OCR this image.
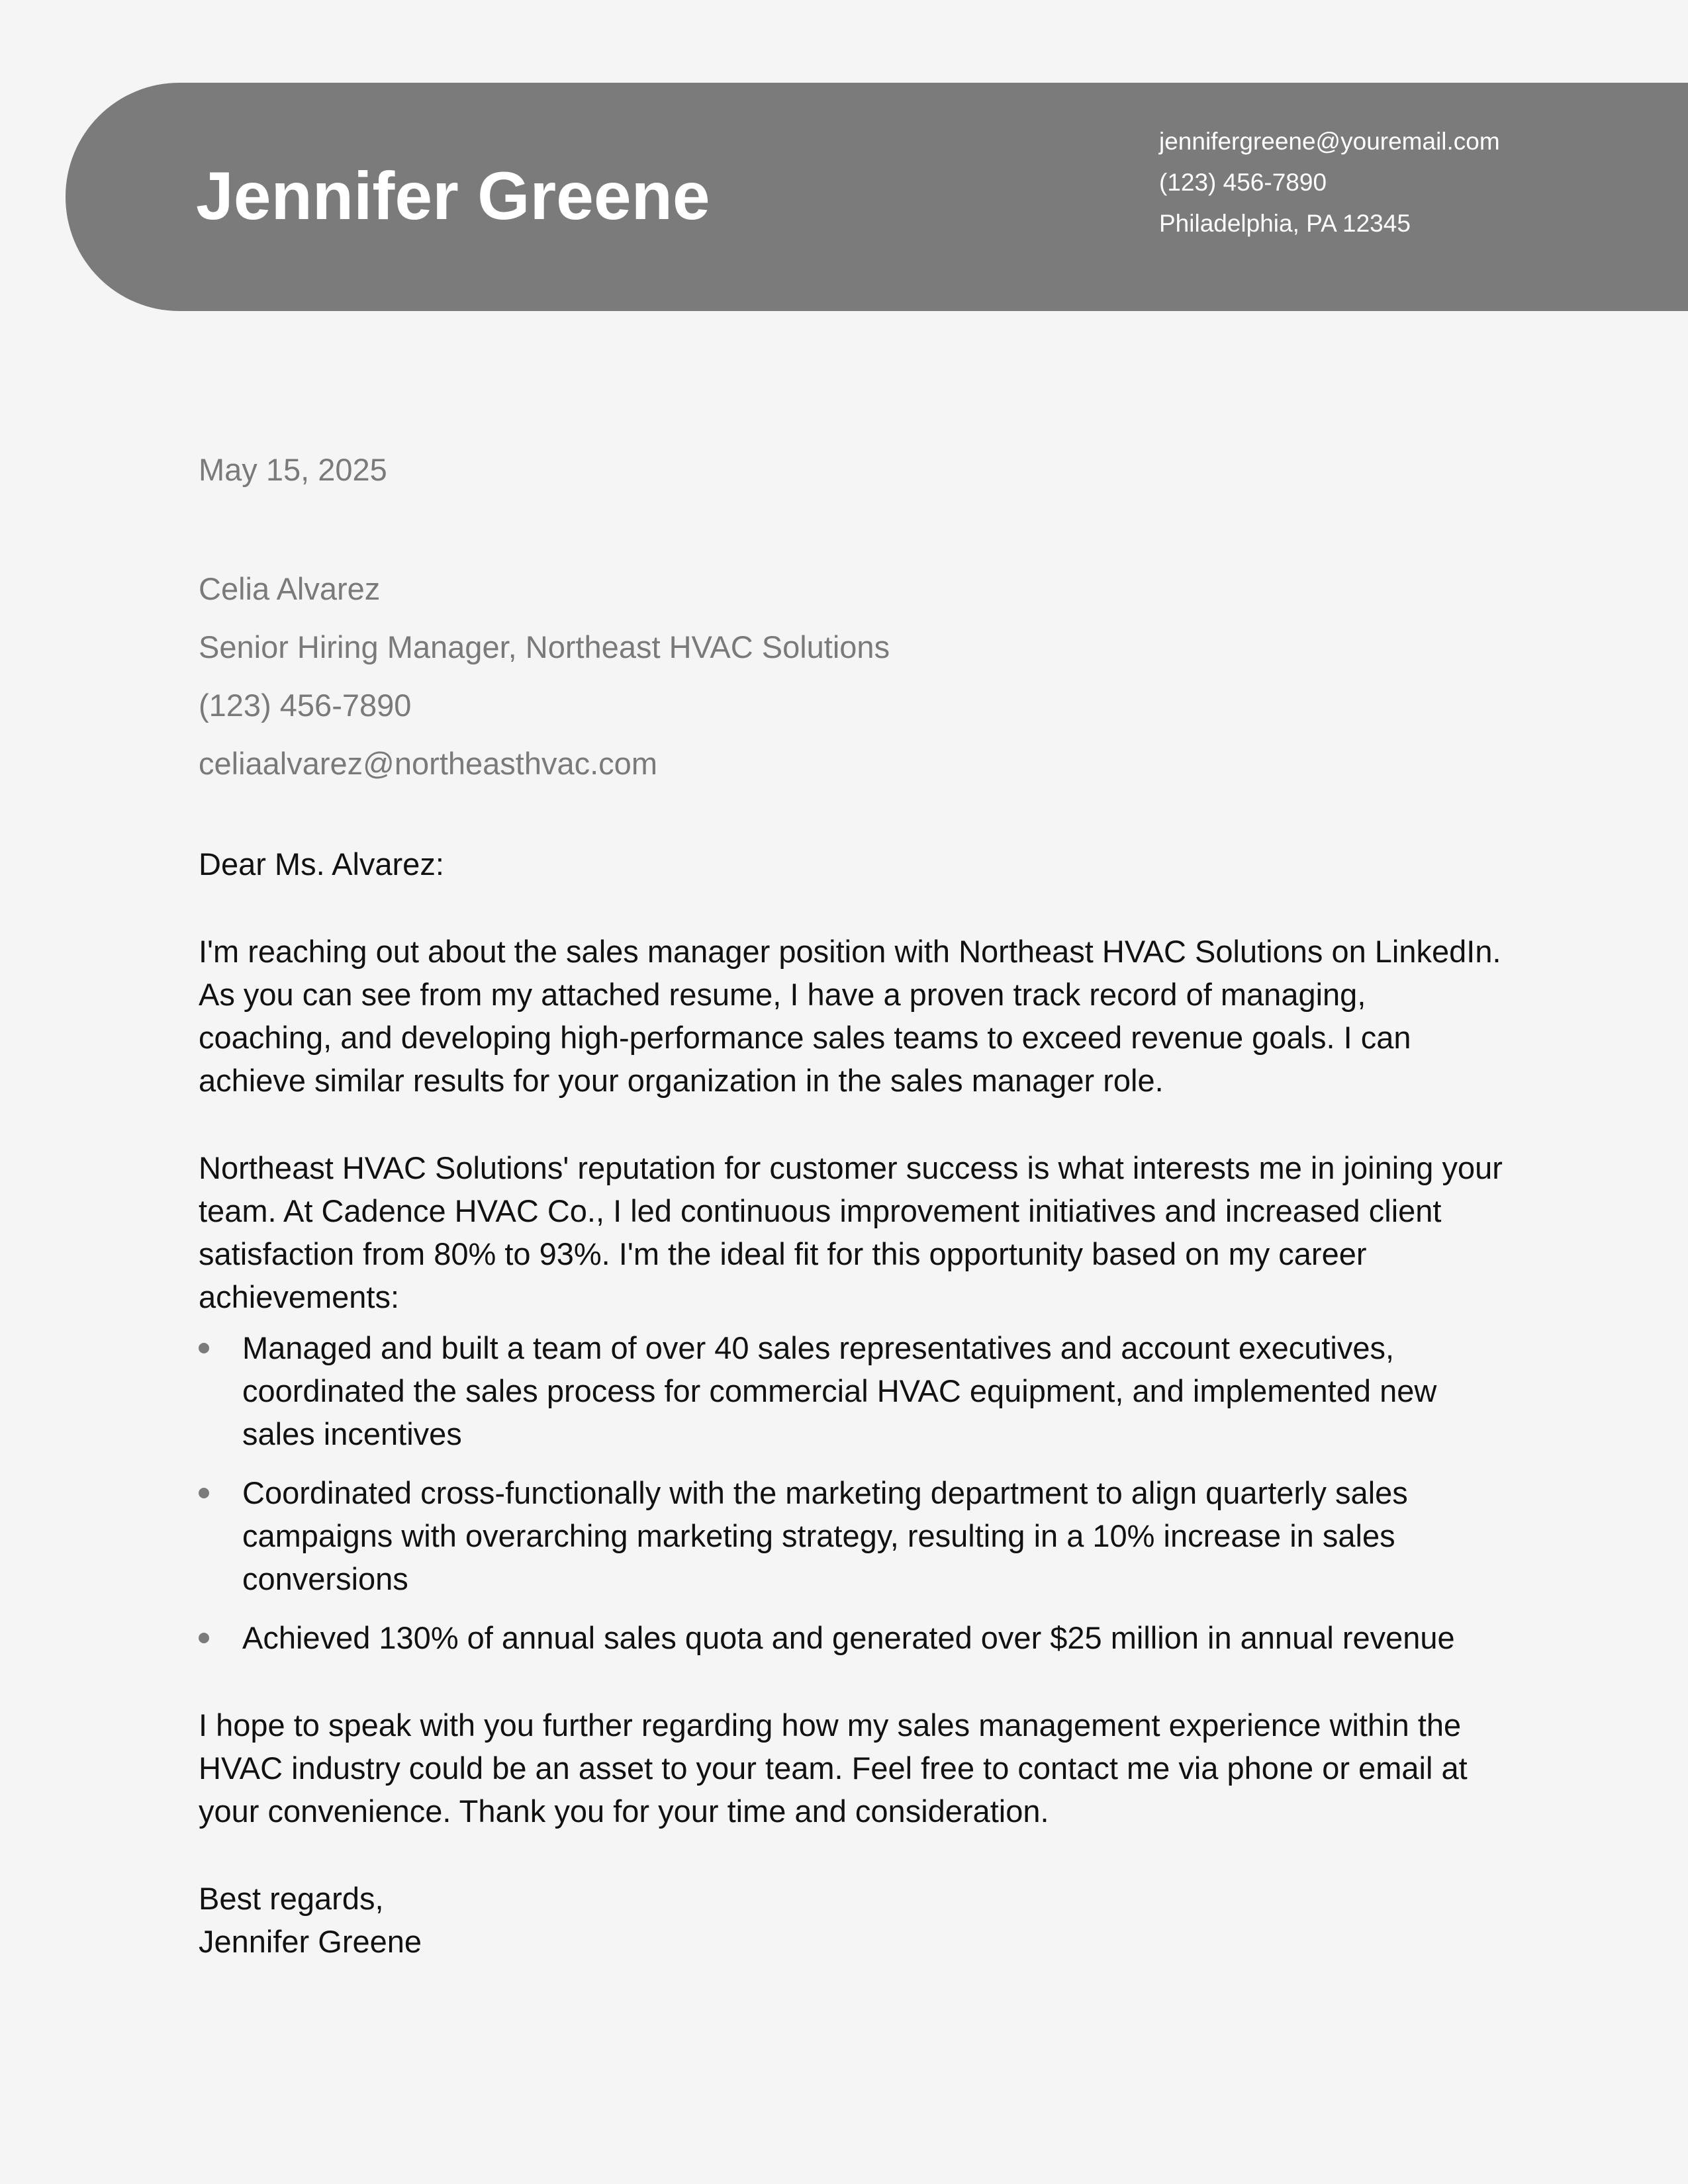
Jennifer Greene
jennifergreene@youremail.com
(123) 456-7890
Philadelphia, PA 12345
May 15, 2025
Celia Alvarez
Senior Hiring Manager, Northeast HVAC Solutions
(123) 456-7890
celiaalvarez@northeasthvac.com

Dear Ms. Alvarez:

I'm reaching out about the sales manager position with Northeast HVAC Solutions on LinkedIn. As you can see from my attached resume, I have a proven track record of managing, coaching, and developing high-performance sales teams to exceed revenue goals. I can achieve similar results for your organization in the sales manager role.

Northeast HVAC Solutions' reputation for customer success is what interests me in joining your team. At Cadence HVAC Co., I led continuous improvement initiatives and increased client satisfaction from 80% to 93%. I'm the ideal fit for this opportunity based on my career achievements:

Managed and built a team of over 40 sales representatives and account executives, coordinated the sales process for commercial HVAC equipment, and implemented new sales incentives
Coordinated cross-functionally with the marketing department to align quarterly sales campaigns with overarching marketing strategy, resulting in a 10% increase in sales conversions
Achieved 130% of annual sales quota and generated over $25 million in annual revenue

I hope to speak with you further regarding how my sales management experience within the HVAC industry could be an asset to your team. Feel free to contact me via phone or email at your convenience. Thank you for your time and consideration.

Best regards,

Jennifer Greene
